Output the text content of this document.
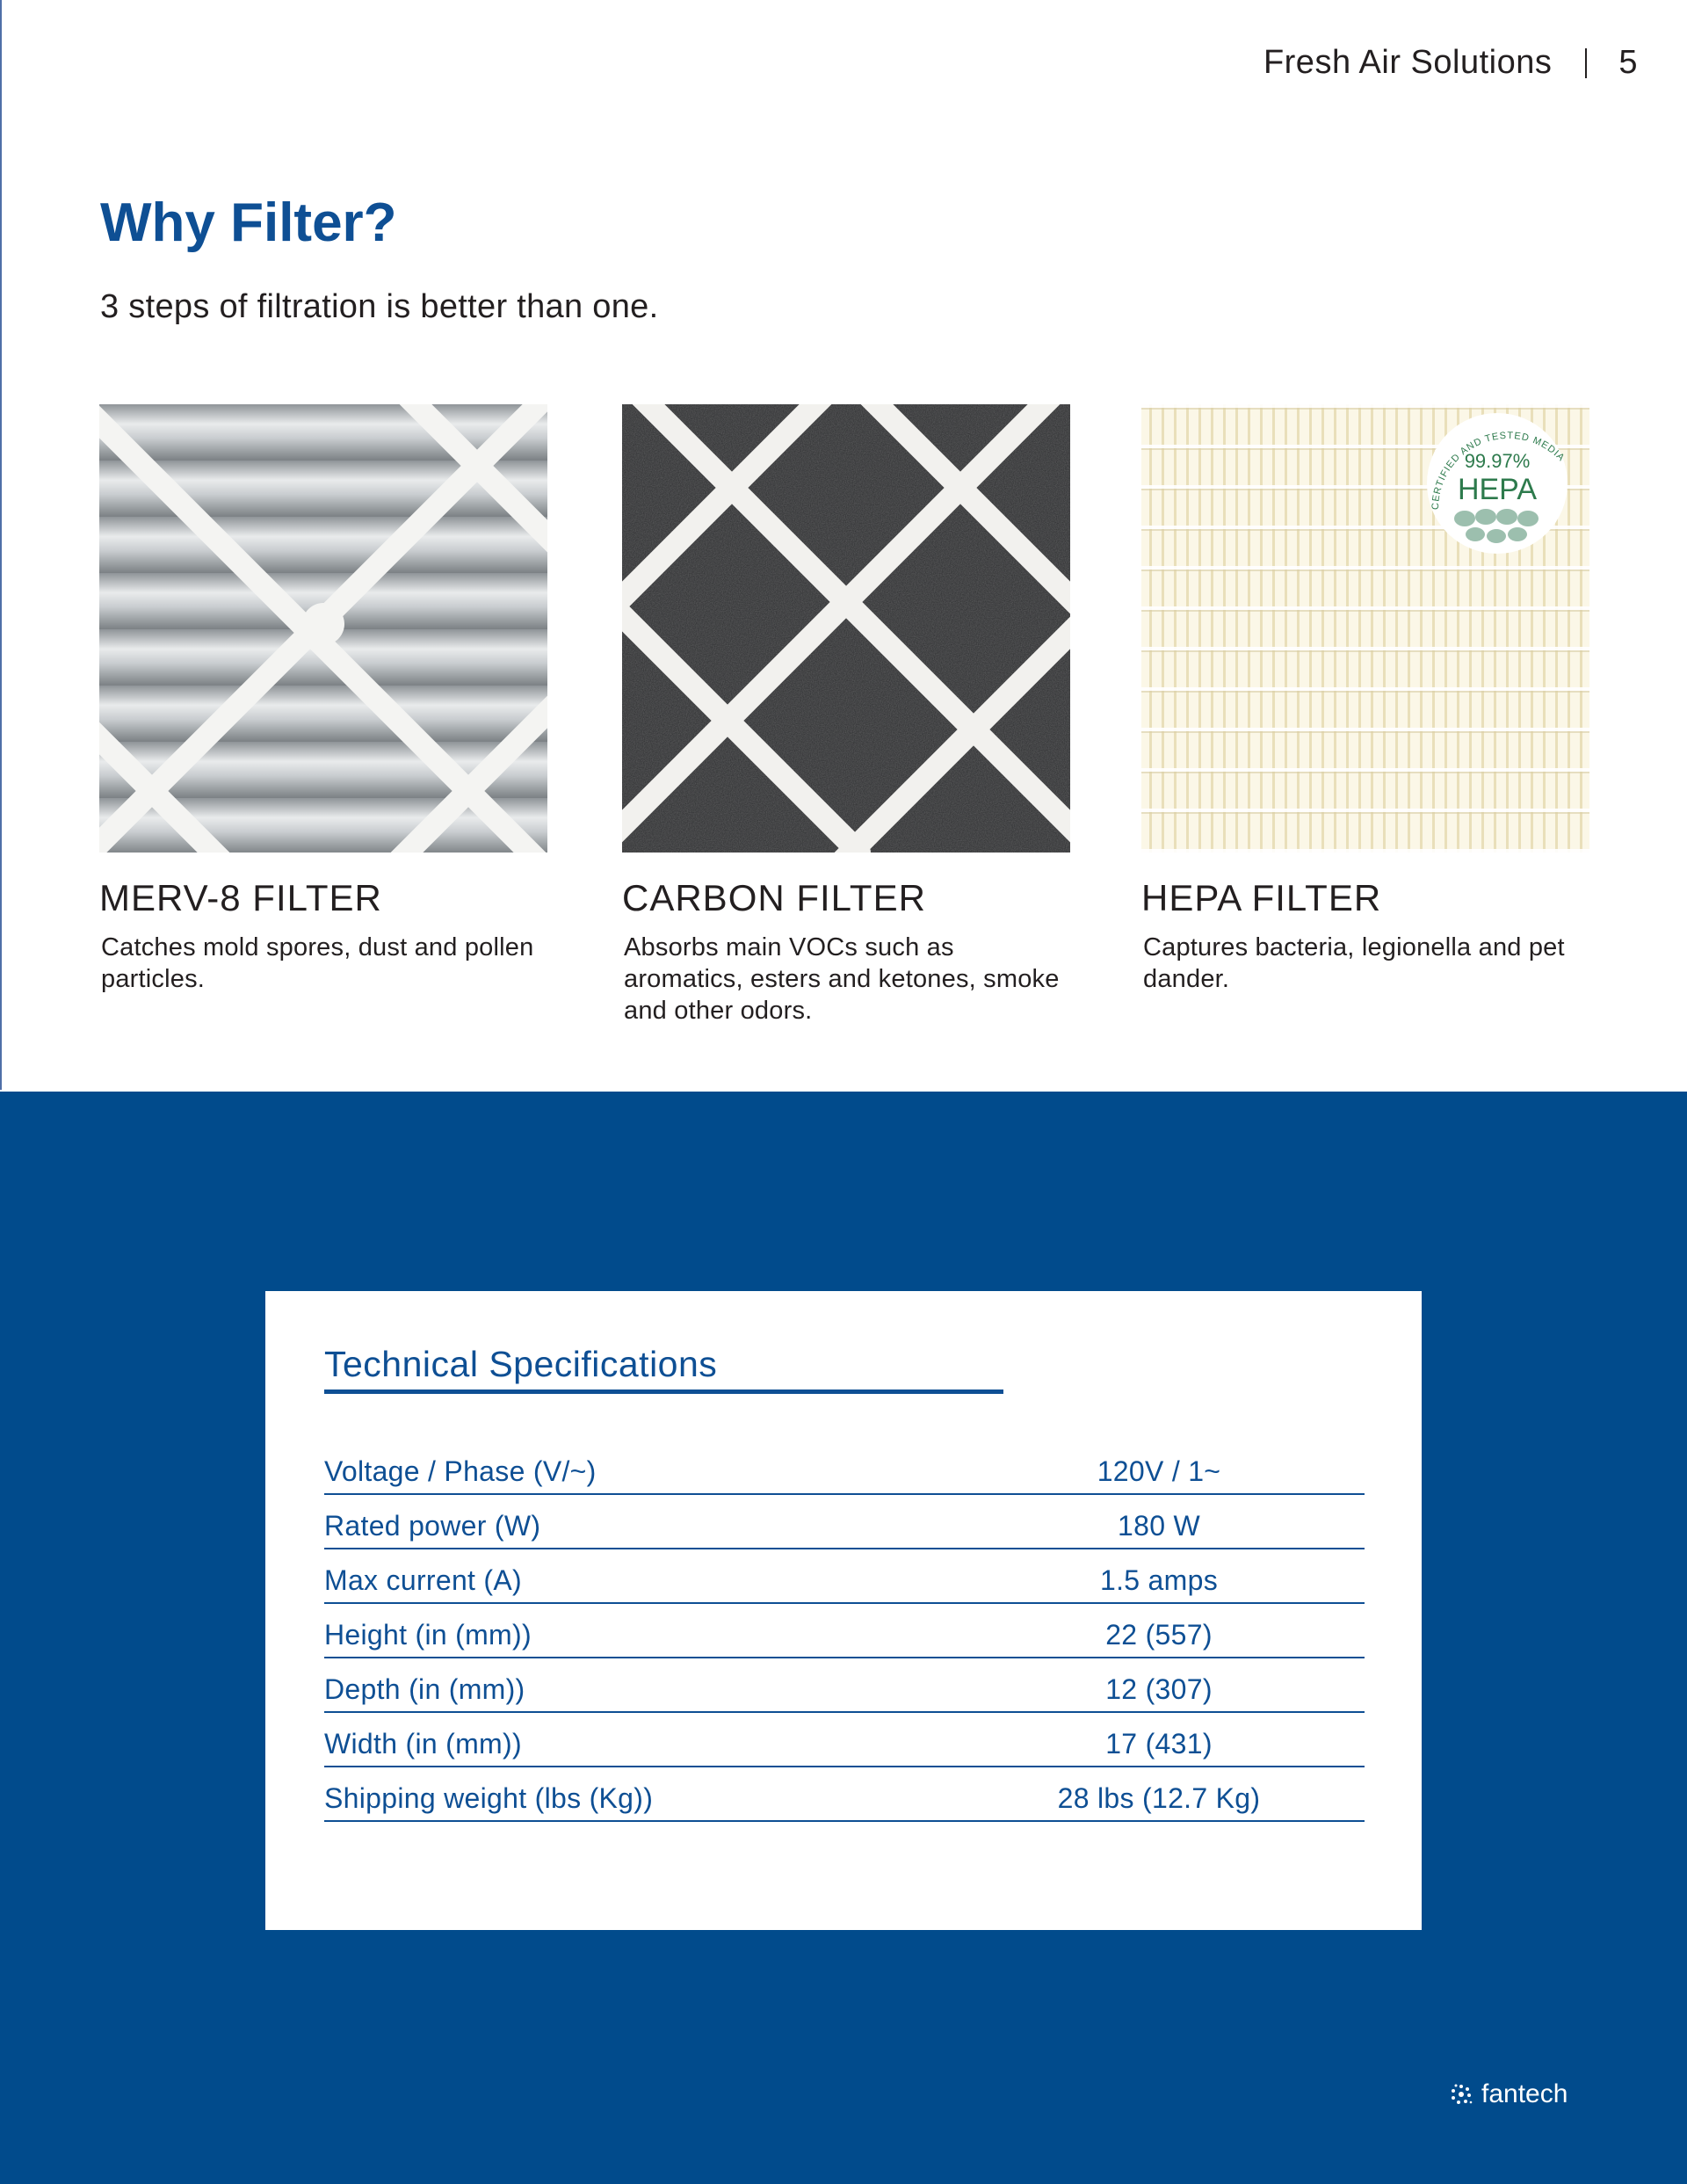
Fresh Air Solutions 5
Why Filter?

3 steps of filtration is better than one.

MERV-8 FILTER

Catches mold spores, dust and pollen particles.

CARBON FILTER

Absorbs main VOCs such as aromatics, esters and ketones, smoke and other odors.

CERTIFIED AND TESTED MEDIA
99.97%
HEPA
HEPA FILTER

Captures bacteria, legionella and pet dander.

Technical Specifications
Voltage / Phase (V/~)	120V / 1~
Rated power (W)	180 W
Max current (A)	1.5 amps
Height (in (mm))	22 (557)
Depth (in (mm))	12 (307)
Width (in (mm))	17 (431)
Shipping weight (lbs (Kg))	28 lbs (12.7 Kg)
fantech
